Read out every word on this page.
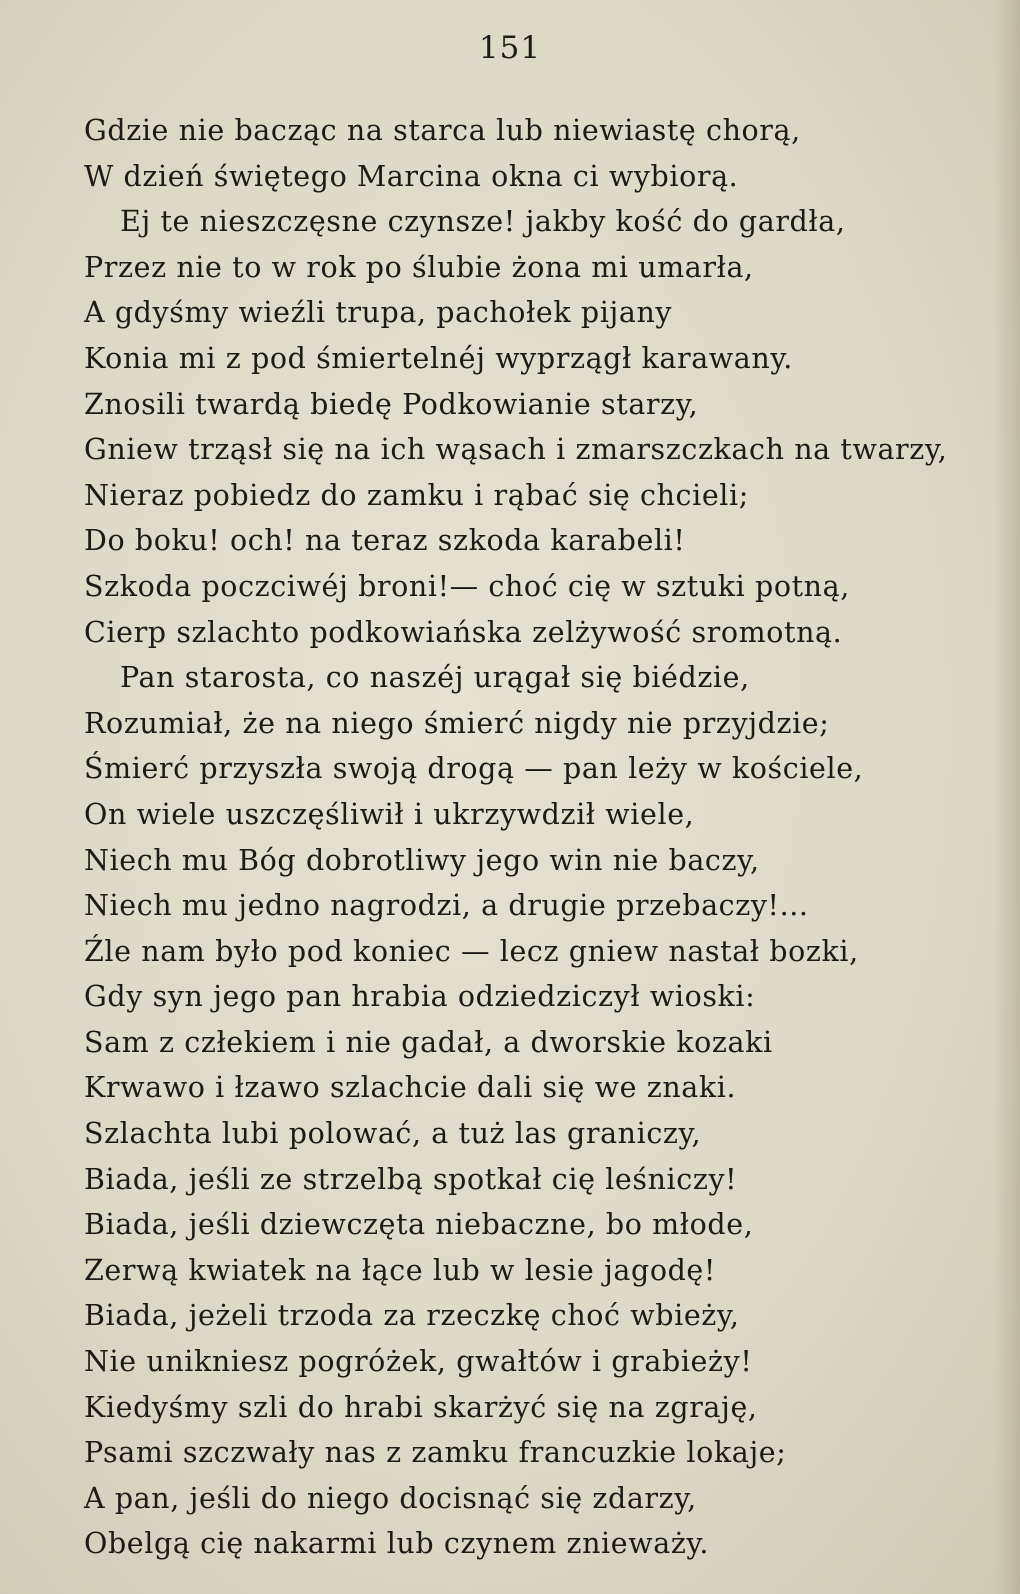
151
Gdzie nie bacząc na starca lub niewiastę chorą,
W dzień świętego Marcina okna ci wybiorą.
Ej te nieszczęsne czynsze! jakby kość do gardła,
Przez nie to w rok po ślubie żona mi umarła,
A gdyśmy wieźli trupa, pachołek pijany
Konia mi z pod śmiertelnéj wyprzągł karawany.
Znosili twardą biedę Podkowianie starzy,
Gniew trząsł się na ich wąsach i zmarszczkach na twarzy,
Nieraz pobiedz do zamku i rąbać się chcieli;
Do boku! och! na teraz szkoda karabeli!
Szkoda poczciwéj broni!— choć cię w sztuki potną,
Cierp szlachto podkowiańska zelżywość sromotną.
Pan starosta, co naszéj urągał się biédzie,
Rozumiał, że na niego śmierć nigdy nie przyjdzie;
Śmierć przyszła swoją drogą — pan leży w kościele,
On wiele uszczęśliwił i ukrzywdził wiele,
Niech mu Bóg dobrotliwy jego win nie baczy,
Niech mu jedno nagrodzi, a drugie przebaczy!...
Źle nam było pod koniec — lecz gniew nastał bozki,
Gdy syn jego pan hrabia odziedziczył wioski:
Sam z człekiem i nie gadał, a dworskie kozaki
Krwawo i łzawo szlachcie dali się we znaki.
Szlachta lubi polować, a tuż las graniczy,
Biada, jeśli ze strzelbą spotkał cię leśniczy!
Biada, jeśli dziewczęta niebaczne, bo młode,
Zerwą kwiatek na łące lub w lesie jagodę!
Biada, jeżeli trzoda za rzeczkę choć wbieży,
Nie unikniesz pogróżek, gwałtów i grabieży!
Kiedyśmy szli do hrabi skarżyć się na zgraję,
Psami szczwały nas z zamku francuzkie lokaje;
A pan, jeśli do niego docisnąć się zdarzy,
Obelgą cię nakarmi lub czynem znieważy.
